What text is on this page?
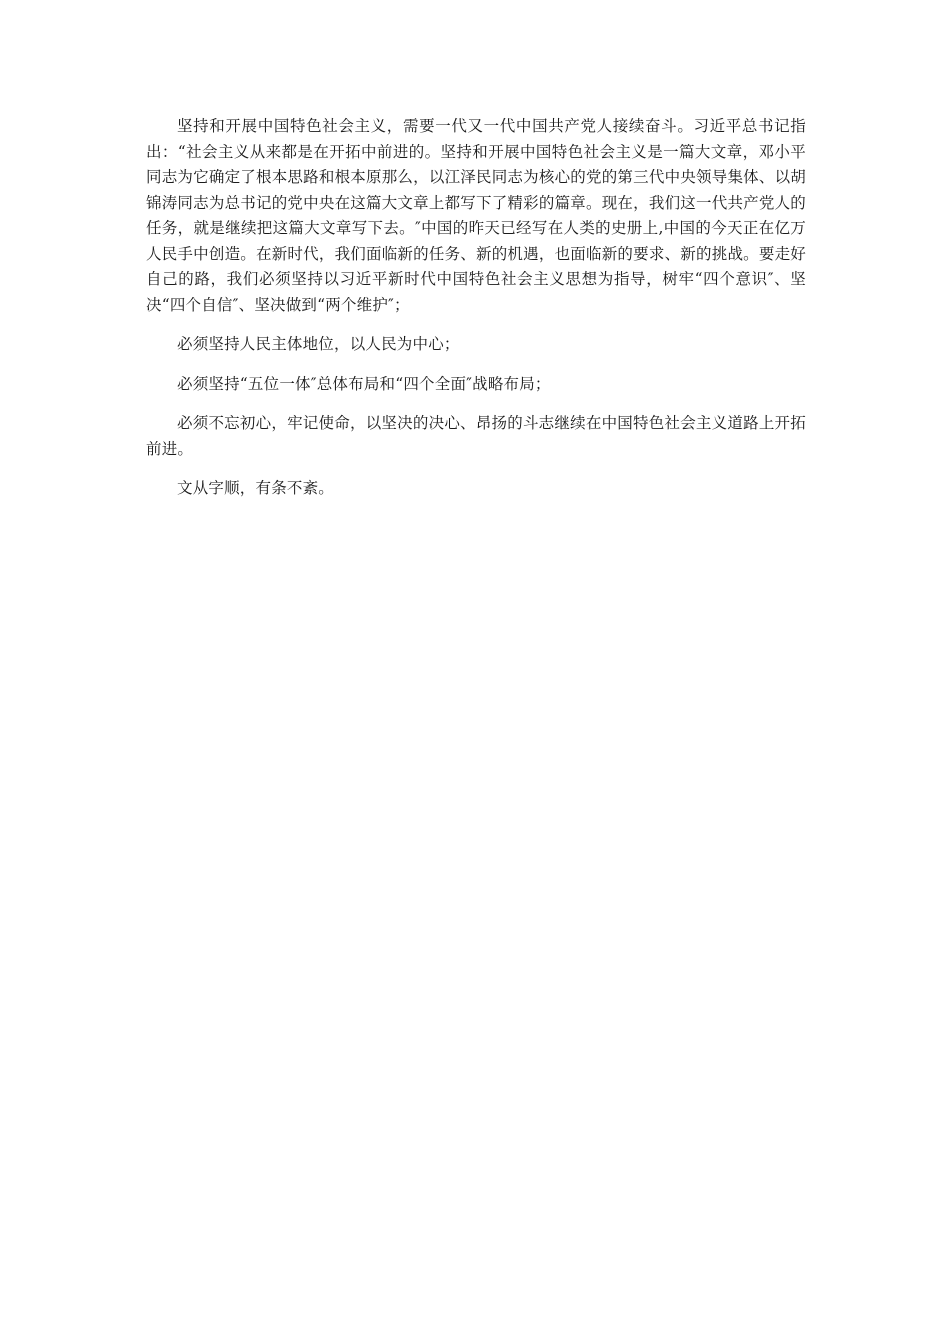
坚持和开展中国特色社会主义，需要一代又一代中国共产党人接续奋斗。习近平总书记指出：“社会主义从来都是在开拓中前进的。坚持和开展中国特色社会主义是一篇大文章，邓小平同志为它确定了根本思路和根本原那么，以江泽民同志为核心的党的第三代中央领导集体、以胡锦涛同志为总书记的党中央在这篇大文章上都写下了精彩的篇章。现在，我们这一代共产党人的任务，就是继续把这篇大文章写下去。″中国的昨天已经写在人类的史册上,中国的今天正在亿万人民手中创造。在新时代，我们面临新的任务、新的机遇，也面临新的要求、新的挑战。要走好自己的路，我们必须坚持以习近平新时代中国特色社会主义思想为指导，树牢“四个意识″、坚决“四个自信″、坚决做到“两个维护″；

必须坚持人民主体地位，以人民为中心；

必须坚持“五位一体″总体布局和“四个全面″战略布局；

必须不忘初心，牢记使命，以坚决的决心、昂扬的斗志继续在中国特色社会主义道路上开拓前进。

文从字顺，有条不紊。
